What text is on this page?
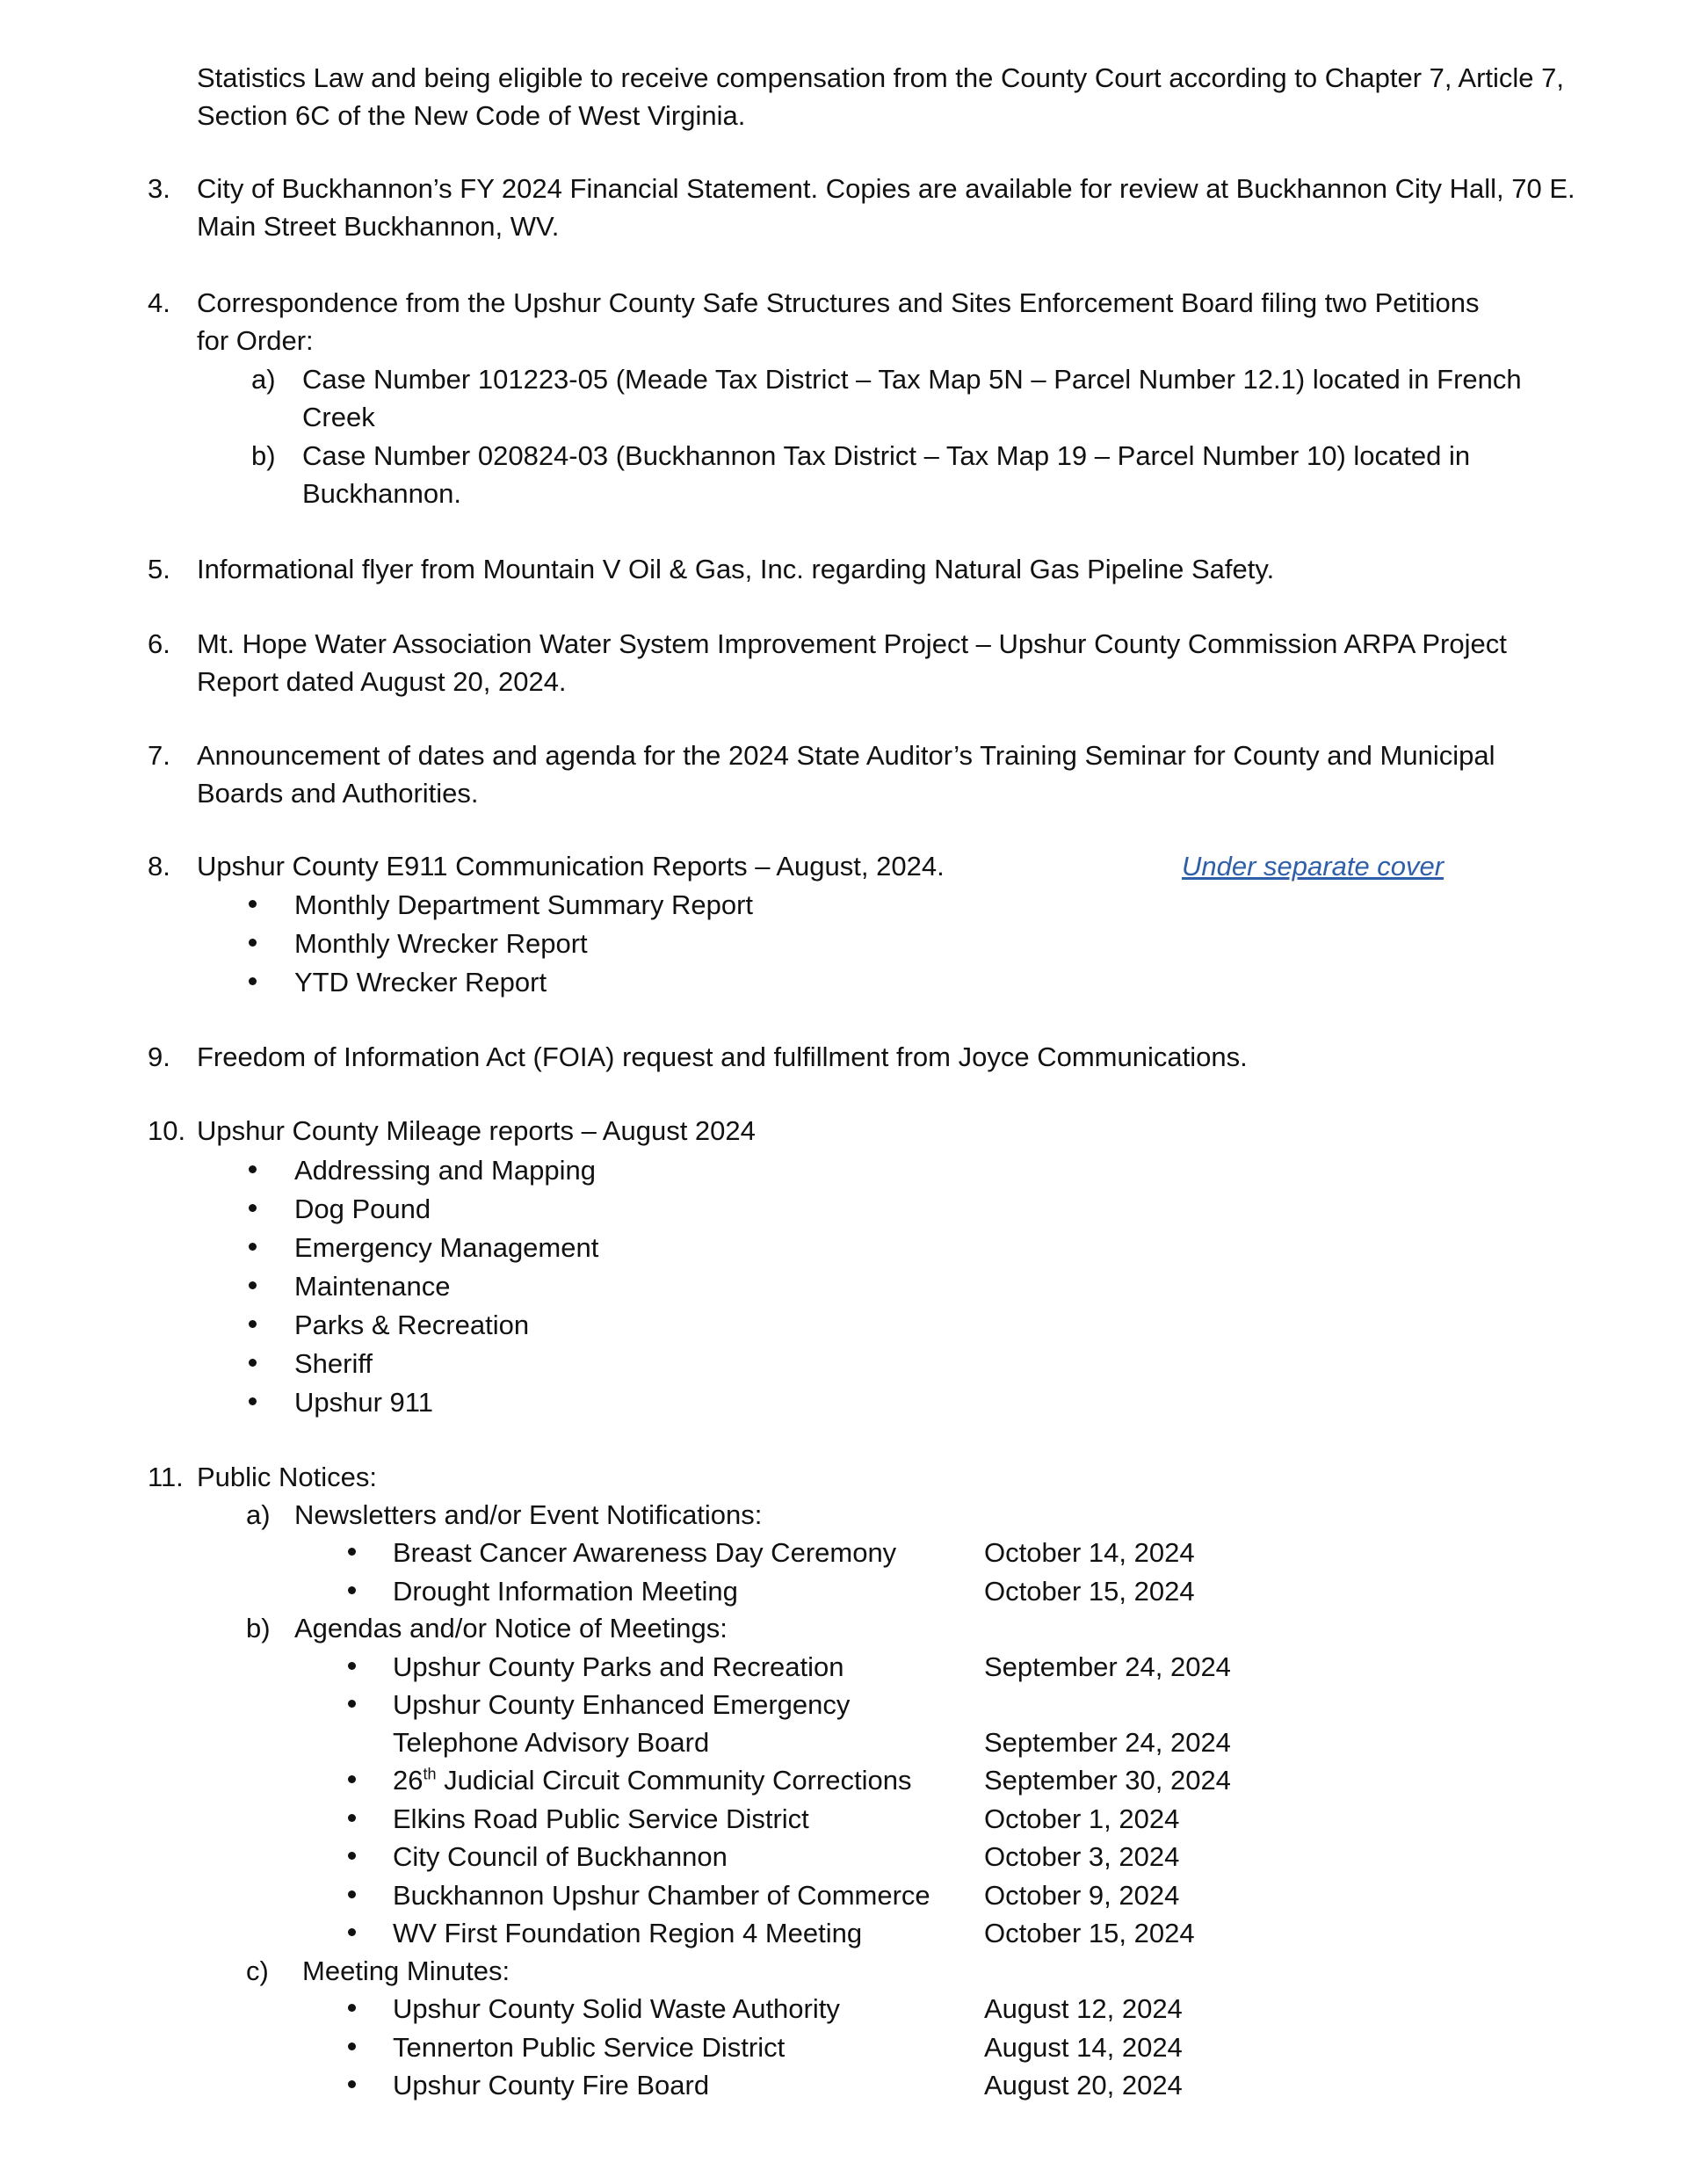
Statistics Law and being eligible to receive compensation from the County Court according to Chapter 7, Article 7,
Section 6C of the New Code of West Virginia.
3. City of Buckhannon’s FY 2024 Financial Statement. Copies are available for review at Buckhannon City Hall, 70 E.
Main Street Buckhannon, WV.
4. Correspondence from the Upshur County Safe Structures and Sites Enforcement Board filing two Petitions
for Order:
a) Case Number 101223-05 (Meade Tax District – Tax Map 5N – Parcel Number 12.1) located in French
Creek
b) Case Number 020824-03 (Buckhannon Tax District – Tax Map 19 – Parcel Number 10) located in
Buckhannon.
5. Informational flyer from Mountain V Oil & Gas, Inc. regarding Natural Gas Pipeline Safety.
6. Mt. Hope Water Association Water System Improvement Project – Upshur County Commission ARPA Project
Report dated August 20, 2024.
7. Announcement of dates and agenda for the 2024 State Auditor’s Training Seminar for County and Municipal
Boards and Authorities.
8. Upshur County E911 Communication Reports – August, 2024.	Under separate cover
Monthly Department Summary Report
Monthly Wrecker Report
YTD Wrecker Report
9. Freedom of Information Act (FOIA) request and fulfillment from Joyce Communications.
10. Upshur County Mileage reports – August 2024
Addressing and Mapping
Dog Pound
Emergency Management
Maintenance
Parks & Recreation
Sheriff
Upshur 911
11. Public Notices:
a) Newsletters and/or Event Notifications:
Breast Cancer Awareness Day Ceremony	October 14, 2024
Drought Information Meeting	October 15, 2024
b) Agendas and/or Notice of Meetings:
Upshur County Parks and Recreation	September 24, 2024
Upshur County Enhanced Emergency
Telephone Advisory Board	September 24, 2024
26th Judicial Circuit Community Corrections	September 30, 2024
Elkins Road Public Service District	October 1, 2024
City Council of Buckhannon	October 3, 2024
Buckhannon Upshur Chamber of Commerce October 9, 2024
WV First Foundation Region 4 Meeting	October 15, 2024
c) Meeting Minutes:
Upshur County Solid Waste Authority	August 12, 2024
Tennerton Public Service District	August 14, 2024
Upshur County Fire Board	August 20, 2024
